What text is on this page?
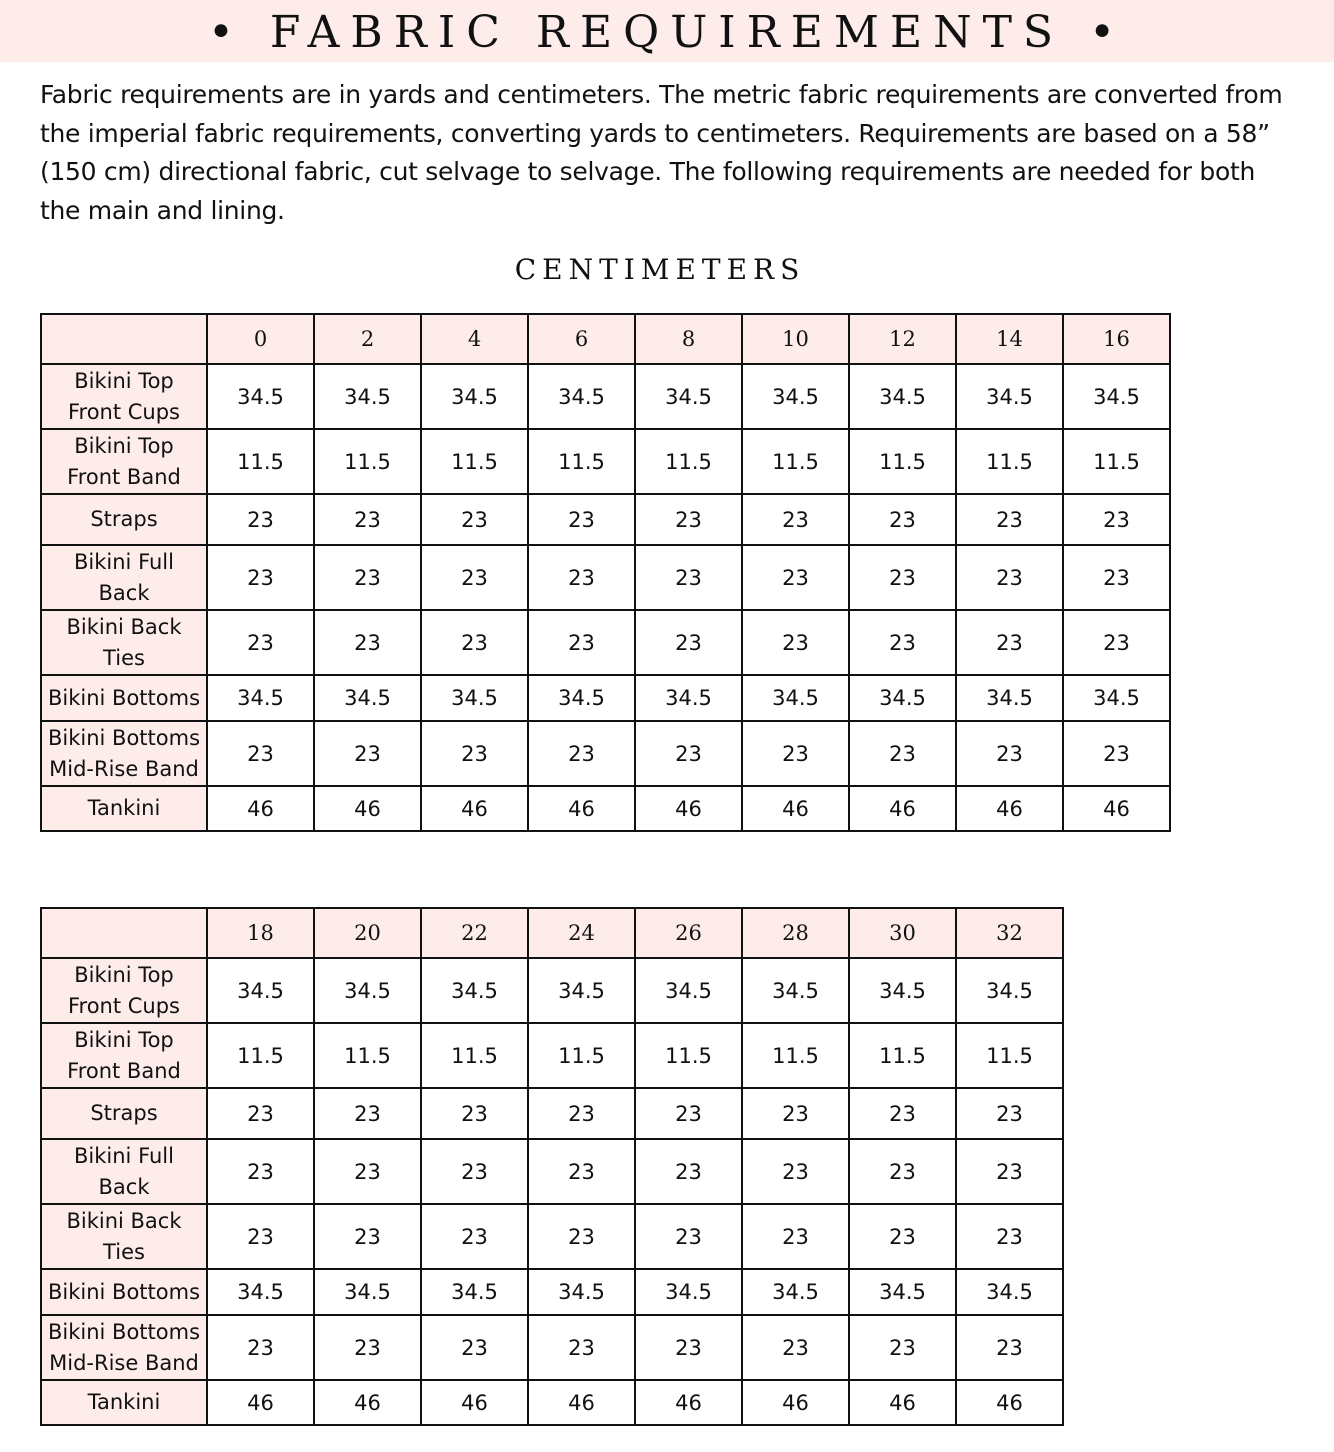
• FABRIC REQUIREMENTS •
Fabric requirements are in yards and centimeters. The metric fabric requirements are converted from the imperial fabric requirements, converting yards to centimeters. Requirements are based on a 58” (150 cm) directional fabric, cut selvage to selvage. The following requirements are needed for both the main and lining.
CENTIMETERS
	0	2	4	6	8	10	12	14	16
Bikini Top
Front Cups	34.5	34.5	34.5	34.5	34.5	34.5	34.5	34.5	34.5
Bikini Top
Front Band	11.5	11.5	11.5	11.5	11.5	11.5	11.5	11.5	11.5
Straps	23	23	23	23	23	23	23	23	23
Bikini Full
Back	23	23	23	23	23	23	23	23	23
Bikini Back
Ties	23	23	23	23	23	23	23	23	23
Bikini Bottoms	34.5	34.5	34.5	34.5	34.5	34.5	34.5	34.5	34.5
Bikini Bottoms
Mid-Rise Band	23	23	23	23	23	23	23	23	23
Tankini	46	46	46	46	46	46	46	46	46
	18	20	22	24	26	28	30	32
Bikini Top
Front Cups	34.5	34.5	34.5	34.5	34.5	34.5	34.5	34.5
Bikini Top
Front Band	11.5	11.5	11.5	11.5	11.5	11.5	11.5	11.5
Straps	23	23	23	23	23	23	23	23
Bikini Full
Back	23	23	23	23	23	23	23	23
Bikini Back
Ties	23	23	23	23	23	23	23	23
Bikini Bottoms	34.5	34.5	34.5	34.5	34.5	34.5	34.5	34.5
Bikini Bottoms
Mid-Rise Band	23	23	23	23	23	23	23	23
Tankini	46	46	46	46	46	46	46	46
